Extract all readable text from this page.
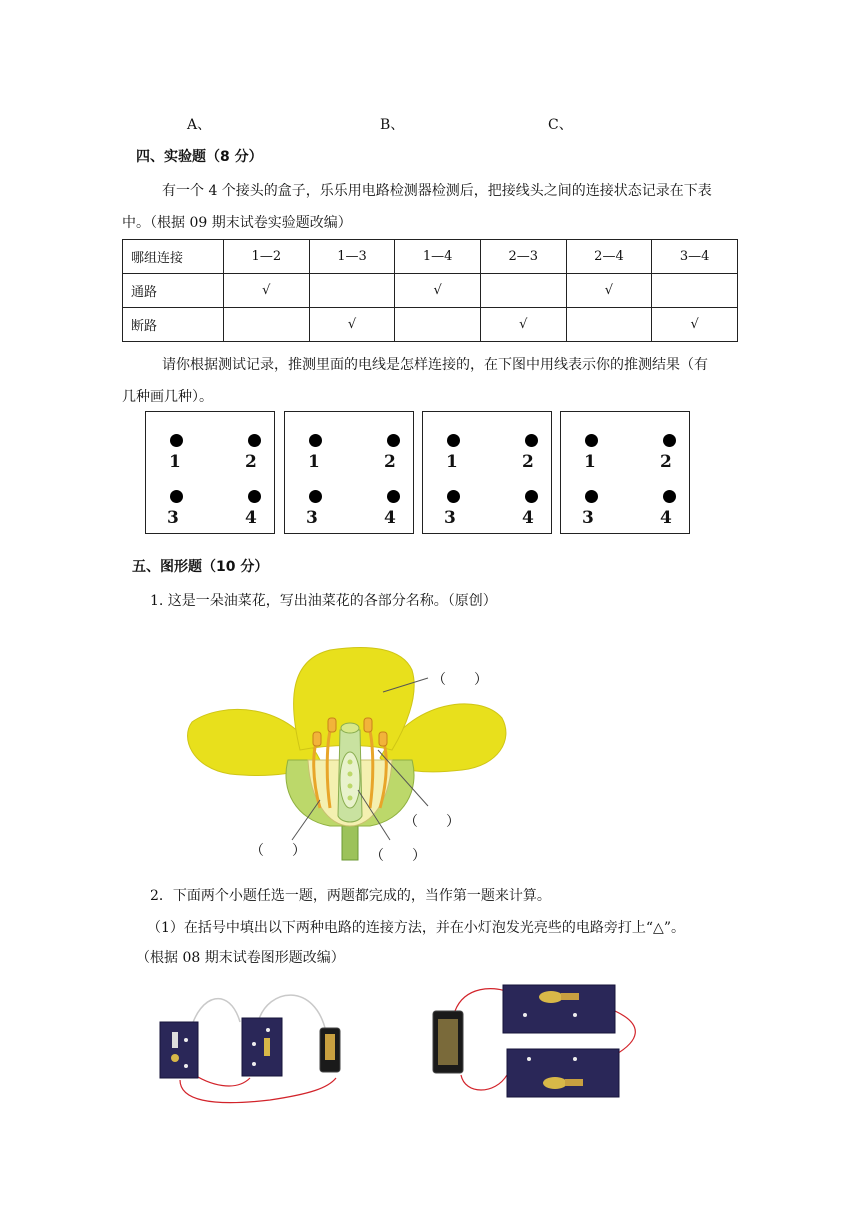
A、	B、	C、
四、实验题（8 分）
有一个 4 个接头的盒子，乐乐用电路检测器检测后，把接线头之间的连接状态记录在下表
中。（根据 09 期末试卷实验题改编）
哪组连接	1—2	1—3	1—4	2—3	2—4	3—4
通路	√		√		√	
断路		√		√		√
请你根据测试记录，推测里面的电线是怎样连接的，在下图中用线表示你的推测结果（有
几种画几种）。
1	2
3	4
1	2
3	4
1	2
3	4
1	2
3	4
五、图形题（10 分）
1. 这是一朵油菜花，写出油菜花的各部分名称。（原创）
（　　）
（　　）
（　　）	（　　）
2．下面两个小题任选一题，两题都完成的，当作第一题来计算。
（1）在括号中填出以下两种电路的连接方法，并在小灯泡发光亮些的电路旁打上“△”。
（根据 08 期末试卷图形题改编）
